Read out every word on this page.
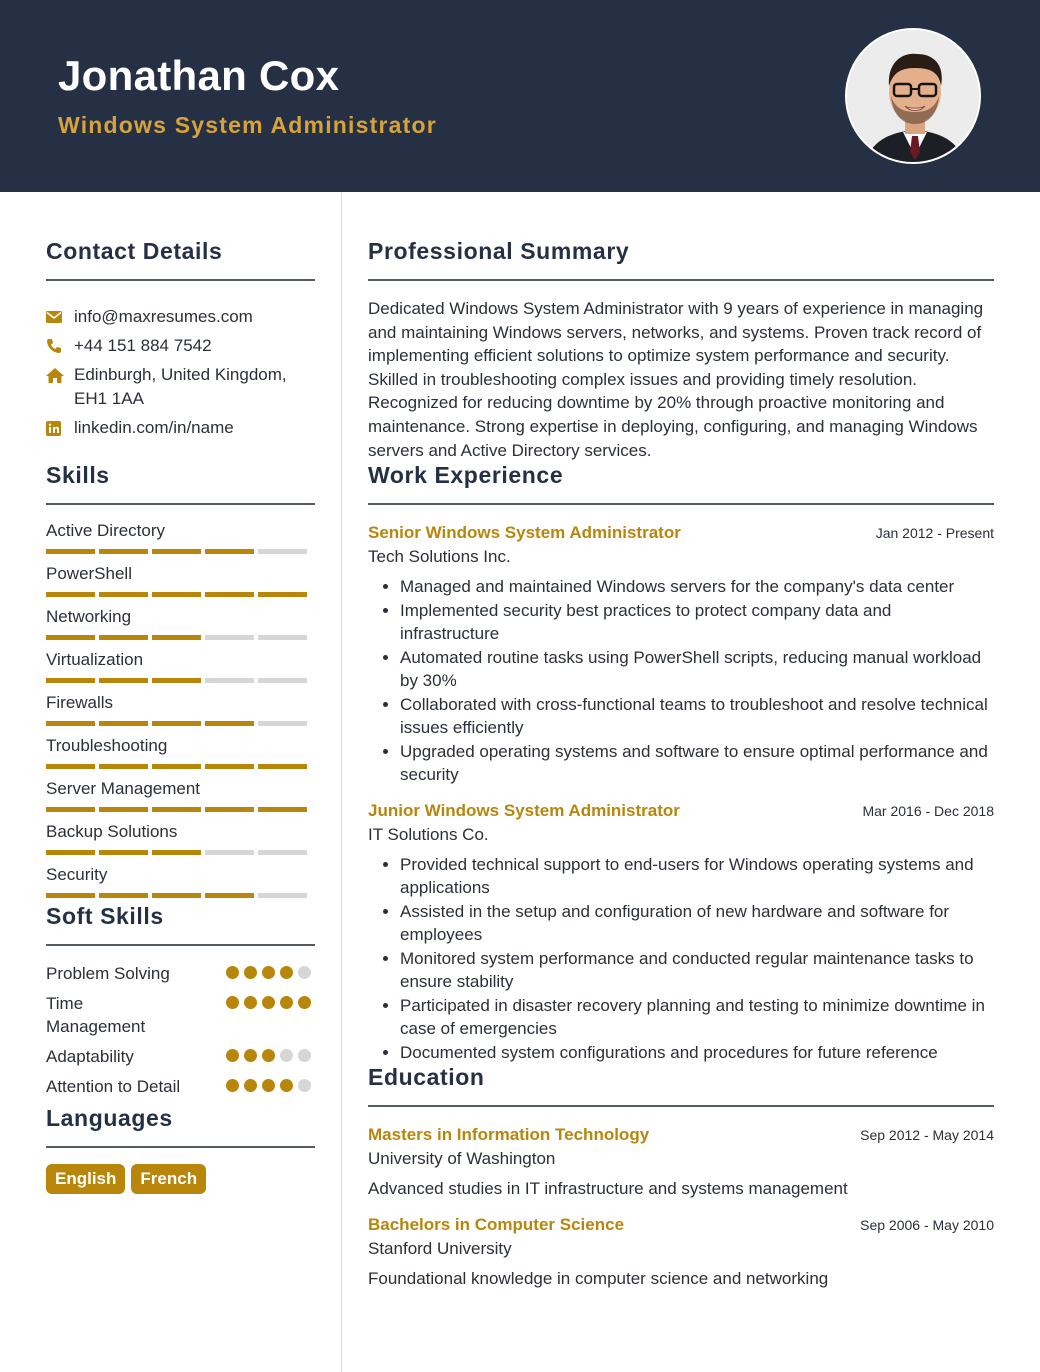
Jonathan Cox
Windows System Administrator
Contact Details
info@maxresumes.com
+44 151 884 7542
Edinburgh, United Kingdom, EH1 1AA
linkedin.com/in/name
Skills
Active Directory
PowerShell
Networking
Virtualization
Firewalls
Troubleshooting
Server Management
Backup Solutions
Security
Soft Skills
Problem Solving
Time Management
Adaptability
Attention to Detail
Languages
English	French
Professional Summary

Dedicated Windows System Administrator with 9 years of experience in managing and maintaining Windows servers, networks, and systems. Proven track record of implementing efficient solutions to optimize system performance and security. Skilled in troubleshooting complex issues and providing timely resolution. Recognized for reducing downtime by 20% through proactive monitoring and maintenance. Strong expertise in deploying, configuring, and managing Windows servers and Active Directory services.

Work Experience
Senior Windows System Administrator	Jan 2012 - Present
Tech Solutions Inc.
• Managed and maintained Windows servers for the company's data center
• Implemented security best practices to protect company data and infrastructure
• Automated routine tasks using PowerShell scripts, reducing manual workload by 30%
• Collaborated with cross-functional teams to troubleshoot and resolve technical issues efficiently
• Upgraded operating systems and software to ensure optimal performance and security
Junior Windows System Administrator	Mar 2016 - Dec 2018
IT Solutions Co.
• Provided technical support to end-users for Windows operating systems and applications
• Assisted in the setup and configuration of new hardware and software for employees
• Monitored system performance and conducted regular maintenance tasks to ensure stability
• Participated in disaster recovery planning and testing to minimize downtime in case of emergencies
• Documented system configurations and procedures for future reference
Education
Masters in Information Technology	Sep 2012 - May 2014
University of Washington
Advanced studies in IT infrastructure and systems management
Bachelors in Computer Science	Sep 2006 - May 2010
Stanford University
Foundational knowledge in computer science and networking
